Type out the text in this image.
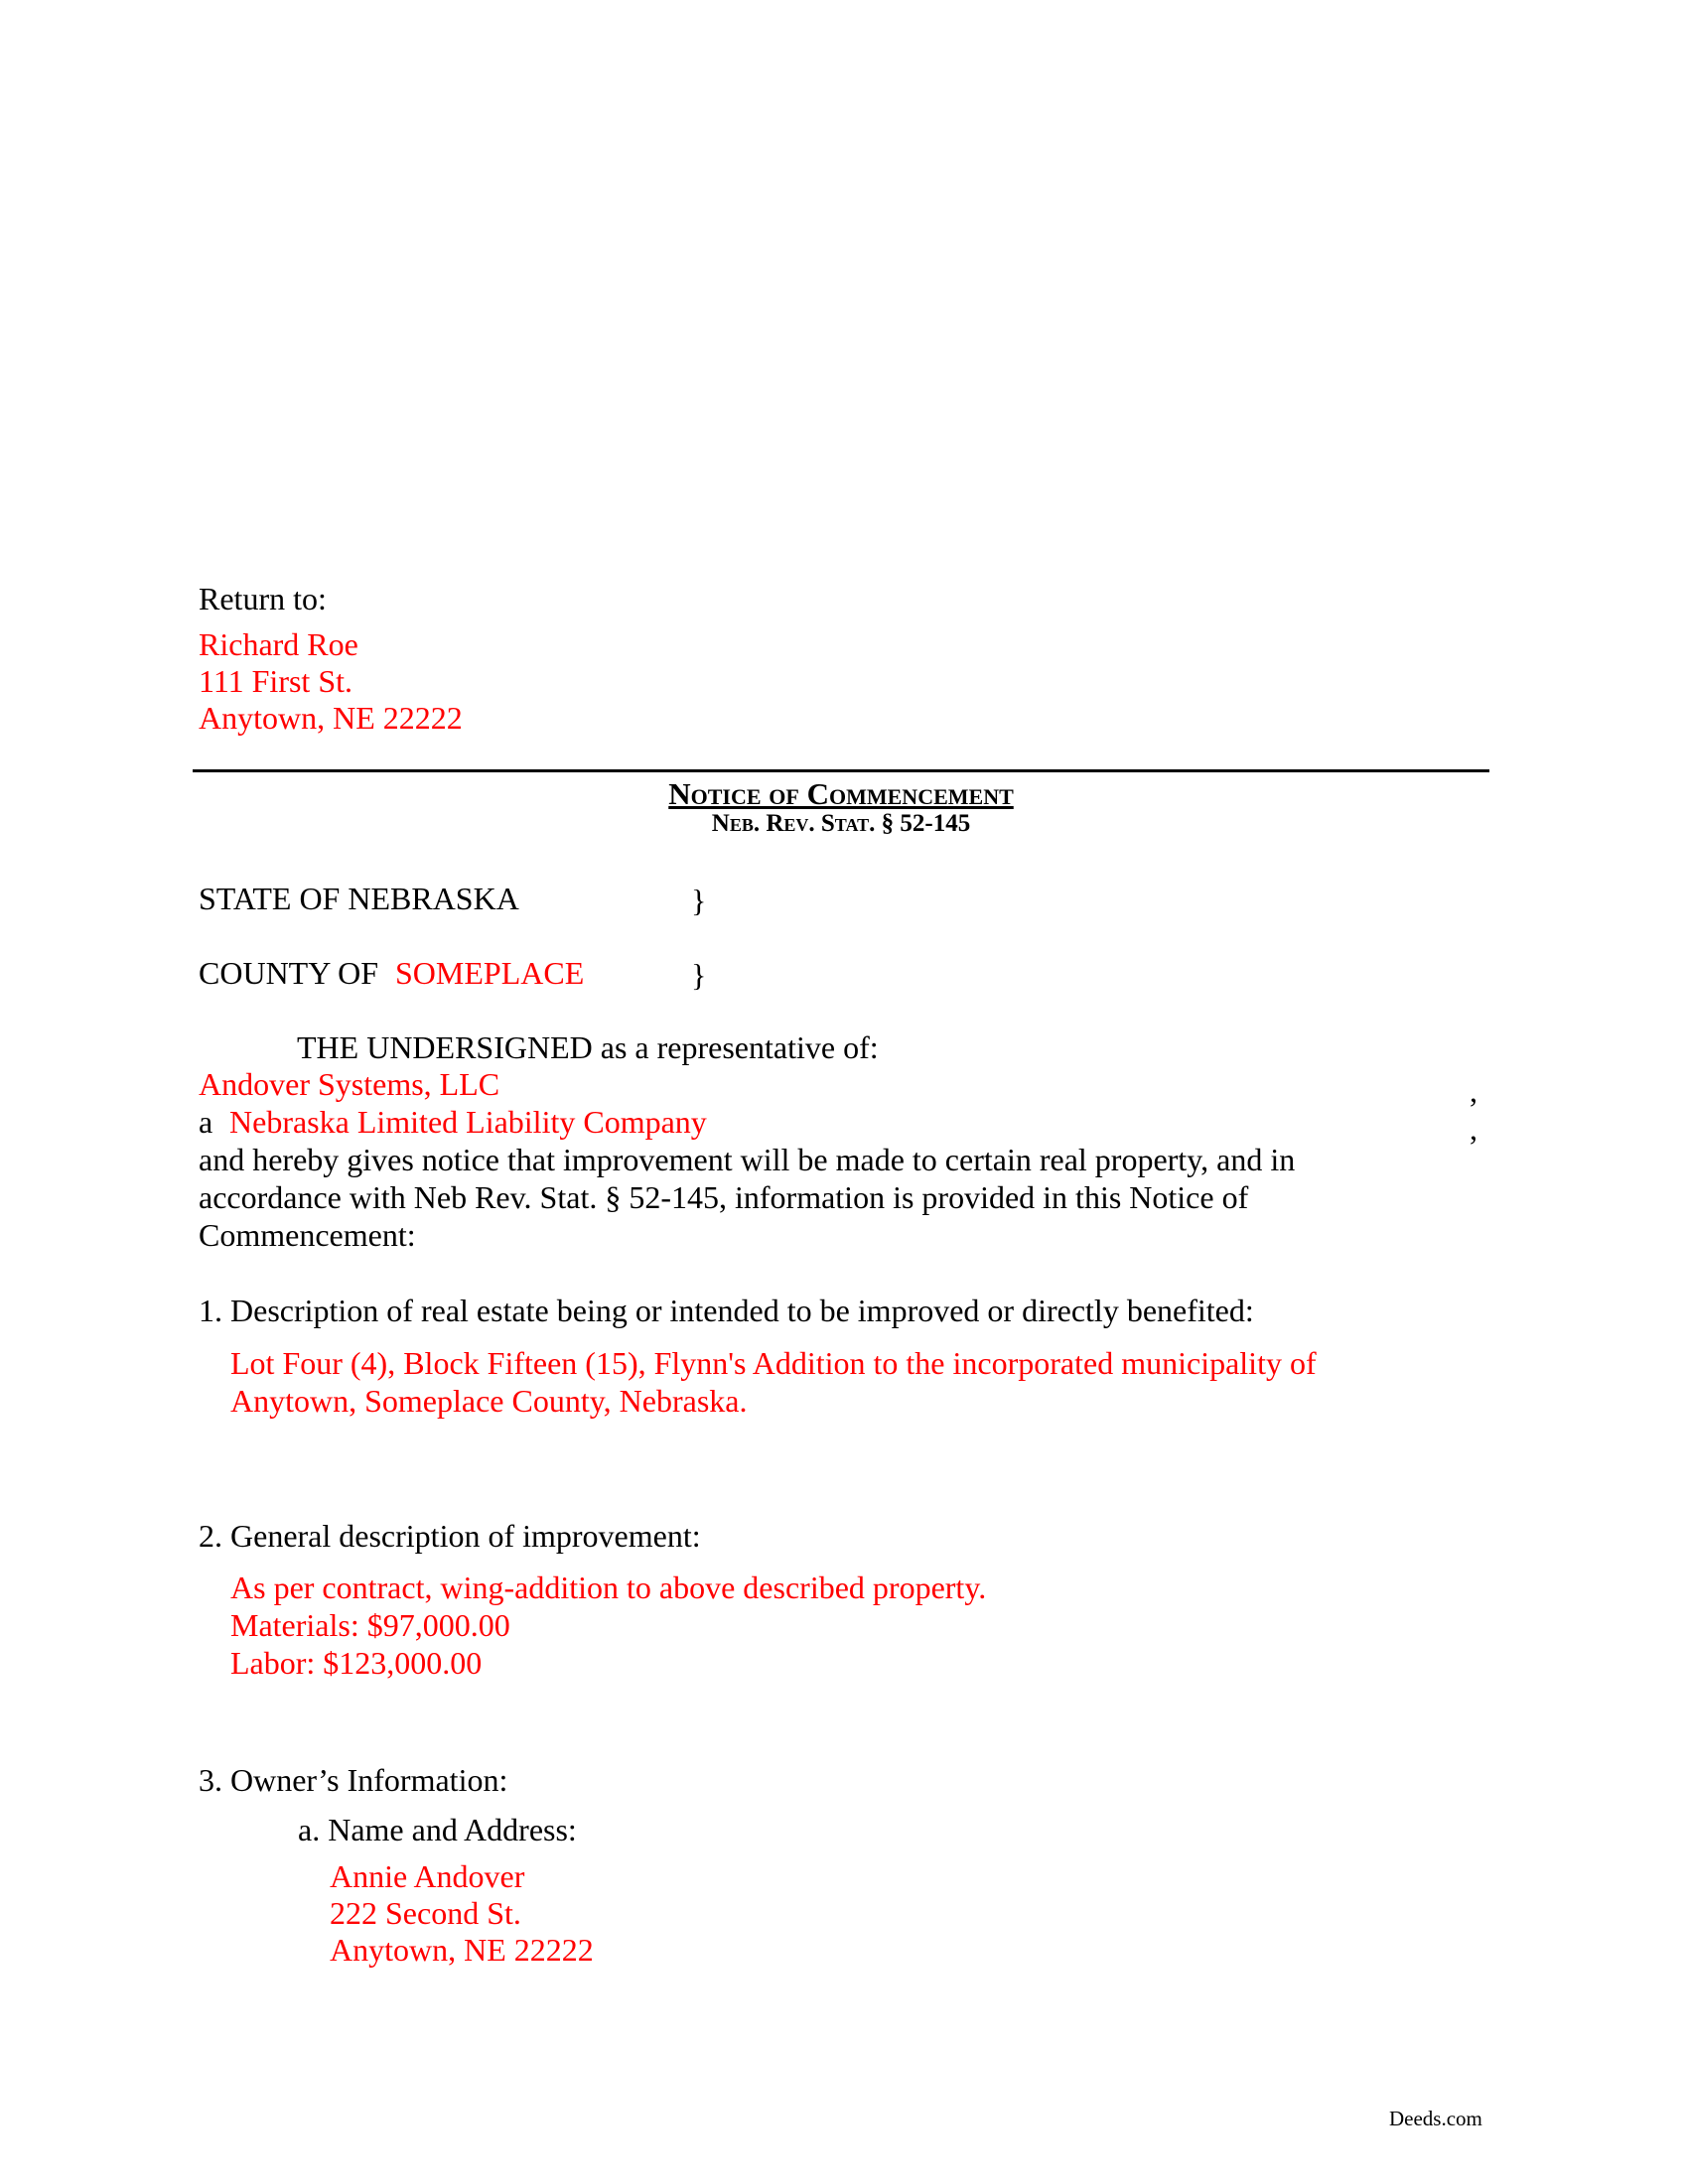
Return to:
Richard Roe
111 First St.
Anytown, NE 22222
Notice of Commencement
Neb. Rev. Stat. § 52-145
STATE OF NEBRASKA	}
COUNTY OF SOMEPLACE	}
THE UNDERSIGNED as a representative of:
Andover Systems, LLC	,
a Nebraska Limited Liability Company	,
and hereby gives notice that improvement will be made to certain real property, and in
accordance with Neb Rev. Stat. § 52-145, information is provided in this Notice of
Commencement:
1. Description of real estate being or intended to be improved or directly benefited:
Lot Four (4), Block Fifteen (15), Flynn's Addition to the incorporated municipality of
Anytown, Someplace County, Nebraska.
2. General description of improvement:
As per contract, wing-addition to above described property.
Materials: $97,000.00
Labor: $123,000.00
3. Owner’s Information:
a. Name and Address:
Annie Andover
222 Second St.
Anytown, NE 22222
Deeds.com
